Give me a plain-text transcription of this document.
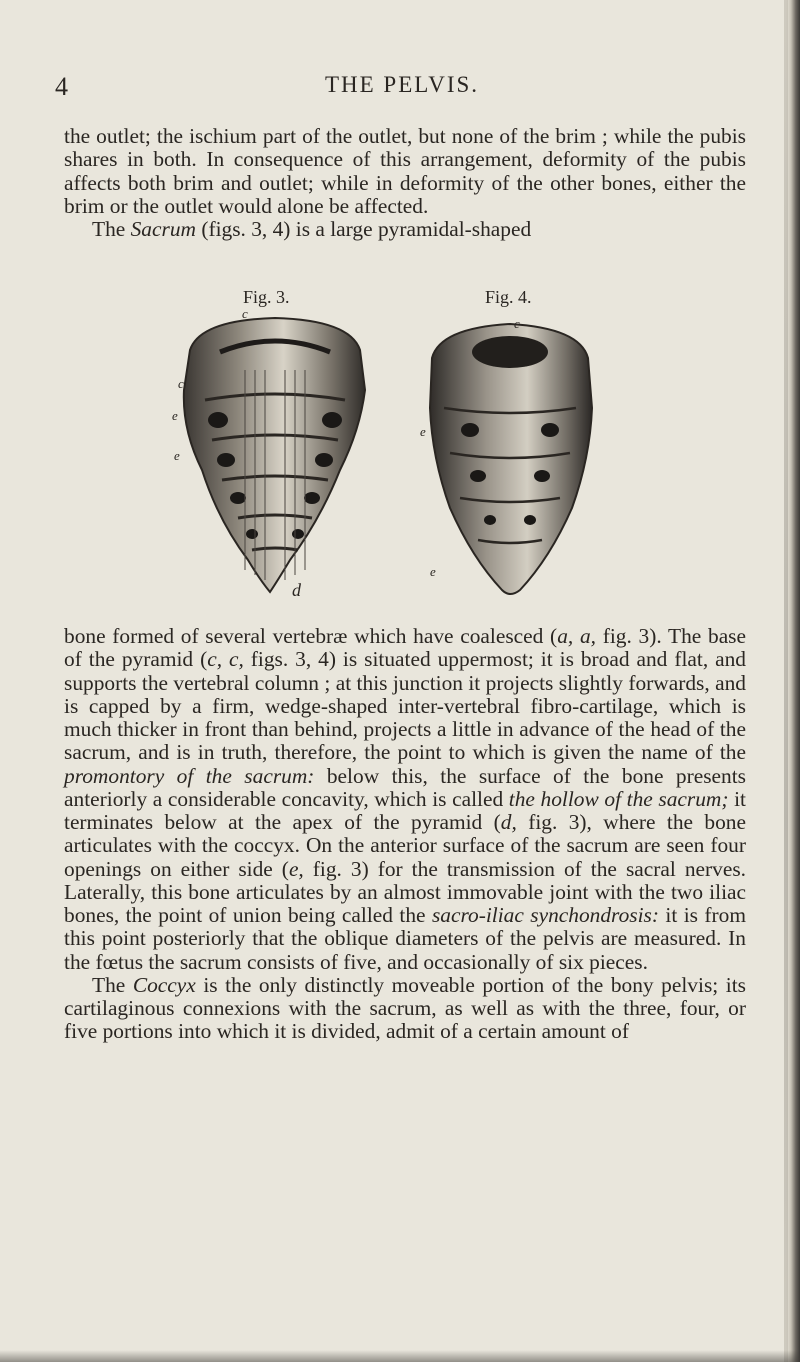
4	THE PELVIS.

the outlet; the ischium part of the outlet, but none of the brim ; while the pubis shares in both. In consequence of this arrangement, deformity of the pubis affects both brim and outlet; while in deformity of the other bones, either the brim or the outlet would alone be affected.

The Sacrum (figs. 3, 4) is a large pyramidal-shaped

Fig. 3.	Fig. 4.
c
c
e
e
d
c
e
e

bone formed of several vertebræ which have coalesced (a, a, fig. 3). The base of the pyramid (c, c, figs. 3, 4) is situated uppermost; it is broad and flat, and supports the vertebral column ; at this junction it projects slightly forwards, and is capped by a firm, wedge-shaped inter-vertebral fibro-cartilage, which is much thicker in front than behind, projects a little in advance of the head of the sacrum, and is in truth, therefore, the point to which is given the name of the promontory of the sacrum: below this, the surface of the bone presents anteriorly a considerable concavity, which is called the hollow of the sacrum; it terminates below at the apex of the pyramid (d, fig. 3), where the bone articulates with the coccyx. On the anterior surface of the sacrum are seen four openings on either side (e, fig. 3) for the transmission of the sacral nerves. Laterally, this bone articulates by an almost immovable joint with the two iliac bones, the point of union being called the sacro-iliac synchondrosis: it is from this point posteriorly that the oblique diameters of the pelvis are measured. In the fœtus the sacrum consists of five, and occasionally of six pieces.

The Coccyx is the only distinctly moveable portion of the bony pelvis; its cartilaginous connexions with the sacrum, as well as with the three, four, or five portions into which it is divided, admit of a certain amount of
